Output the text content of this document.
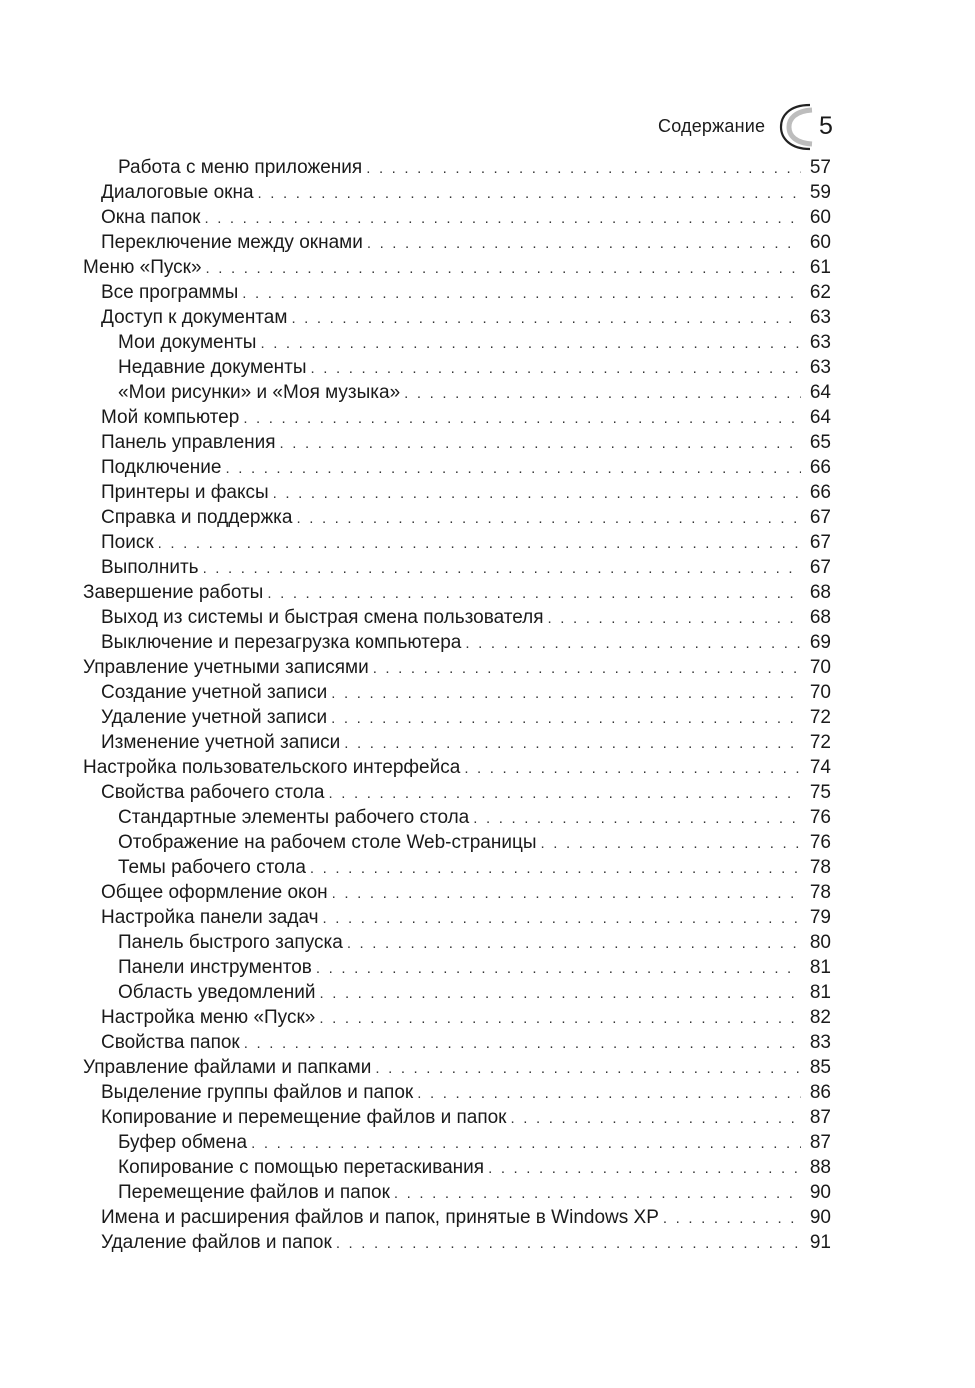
Содержание 5
Работа с меню приложения . . .	57
Диалоговые окна . . .	59
Окна папок . . .	60
Переключение между окнами . . .	60
Меню «Пуск» . . .	61
Все программы . . .	62
Доступ к документам . . .	63
Мои документы . . .	63
Недавние документы . . .	63
«Мои рисунки» и «Моя музыка» . . .	64
Мой компьютер . . .	64
Панель управления . . .	65
Подключение . . .	66
Принтеры и факсы . . .	66
Справка и поддержка . . .	67
Поиск . . .	67
Выполнить . . .	67
Завершение работы . . .	68
Выход из системы и быстрая смена пользователя . . .	68
Выключение и перезагрузка компьютера . . .	69
Управление учетными записями . . .	70
Создание учетной записи . . .	70
Удаление учетной записи . . .	72
Изменение учетной записи . . .	72
Настройка пользовательского интерфейса . . .	74
Свойства рабочего стола . . .	75
Стандартные элементы рабочего стола . . .	76
Отображение на рабочем столе Web-страницы . . .	76
Темы рабочего стола . . .	78
Общее оформление окон . . .	78
Настройка панели задач . . .	79
Панель быстрого запуска . . .	80
Панели инструментов . . .	81
Область уведомлений . . .	81
Настройка меню «Пуск» . . .	82
Свойства папок . . .	83
Управление файлами и папками . . .	85
Выделение группы файлов и папок . . .	86
Копирование и перемещение файлов и папок . . .	87
Буфер обмена . . .	87
Копирование с помощью перетаскивания . . .	88
Перемещение файлов и папок . . .	90
Имена и расширения файлов и папок, принятые в Windows XP . . .	90
Удаление файлов и папок . . .	91
